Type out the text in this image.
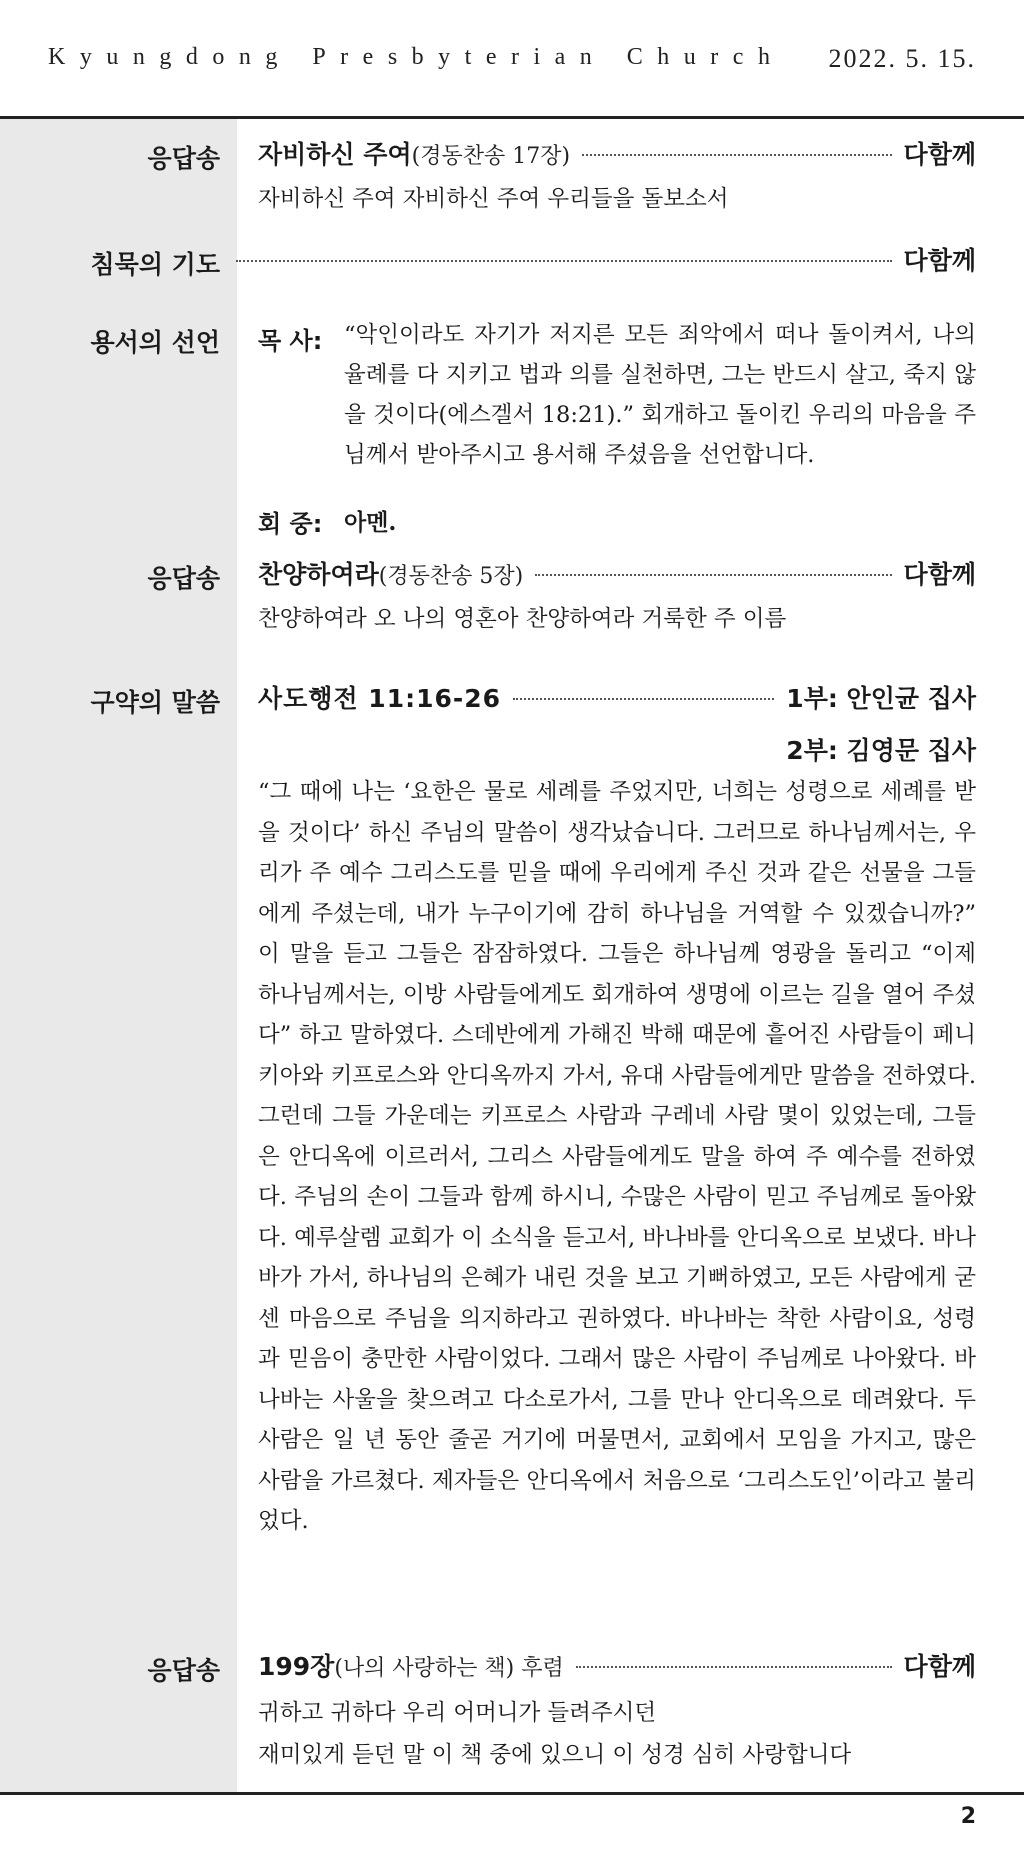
Kyungdong Presbyterian Church 2022. 5. 15.
응답송 자비하신 주여 (경동찬송 17장)	다함께
자비하신 주여 자비하신 주여 우리들을 돌보소서
침묵의 기도	다함께
용서의 선언 목 사: “악인이라도 자기가 저지른 모든 죄악에서 떠나 돌이켜서, 나의 율례를 다 지키고 법과 의를 실천하면, 그는 반드시 살고, 죽지 않을 것이다(에스겔서 18:21).” 회개하고 돌이킨 우리의 마음을 주님께서 받아주시고 용서해 주셨음을 선언합니다.
회 중: 아멘.
응답송 찬양하여라 (경동찬송 5장)	다함께
찬양하여라 오 나의 영혼아 찬양하여라 거룩한 주 이름
구약의 말씀 사도행전 11:16-26	1부: 안인균 집사
2부: 김영문 집사
“그 때에 나는 ‘요한은 물로 세례를 주었지만, 너희는 성령으로 세례를 받을 것이다’ 하신 주님의 말씀이 생각났습니다. 그러므로 하나님께서는, 우리가 주 예수 그리스도를 믿을 때에 우리에게 주신 것과 같은 선물을 그들에게 주셨는데, 내가 누구이기에 감히 하나님을 거역할 수 있겠습니까?” 이 말을 듣고 그들은 잠잠하였다. 그들은 하나님께 영광을 돌리고 “이제 하나님께서는, 이방 사람들에게도 회개하여 생명에 이르는 길을 열어 주셨다” 하고 말하였다. 스데반에게 가해진 박해 때문에 흩어진 사람들이 페니키아와 키프로스와 안디옥까지 가서, 유대 사람들에게만 말씀을 전하였다. 그런데 그들 가운데는 키프로스 사람과 구레네 사람 몇이 있었는데, 그들은 안디옥에 이르러서, 그리스 사람들에게도 말을 하여 주 예수를 전하였다. 주님의 손이 그들과 함께 하시니, 수많은 사람이 믿고 주님께로 돌아왔다. 예루살렘 교회가 이 소식을 듣고서, 바나바를 안디옥으로 보냈다. 바나바가 가서, 하나님의 은혜가 내린 것을 보고 기뻐하였고, 모든 사람에게 굳센 마음으로 주님을 의지하라고 권하였다. 바나바는 착한 사람이요, 성령과 믿음이 충만한 사람이었다. 그래서 많은 사람이 주님께로 나아왔다. 바나바는 사울을 찾으려고 다소로가서, 그를 만나 안디옥으로 데려왔다. 두 사람은 일 년 동안 줄곧 거기에 머물면서, 교회에서 모임을 가지고, 많은 사람을 가르쳤다. 제자들은 안디옥에서 처음으로 ‘그리스도인’이라고 불리었다.
응답송 199장 (나의 사랑하는 책) 후렴	다함께
귀하고 귀하다 우리 어머니가 들려주시던
재미있게 듣던 말 이 책 중에 있으니 이 성경 심히 사랑합니다
2
